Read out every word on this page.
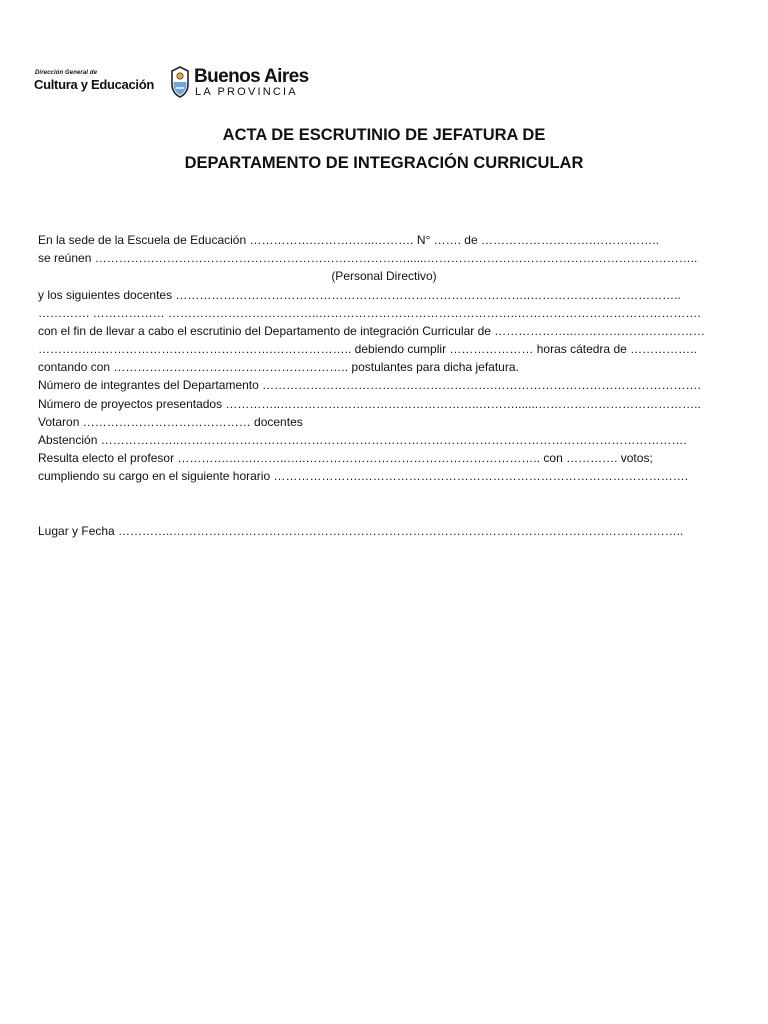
Dirección General de
Cultura y Educación Buenos Aires
LA PROVINCIA
ACTA DE ESCRUTINIO DE JEFATURA DE
DEPARTAMENTO DE INTEGRACIÓN CURRICULAR
En la sede de la Escuela de Educación …………….……….…...………. N° ……. de ……………………….……………..
se reúnen ……………………………………………………………………......…………………………………………………………..
(Personal Directivo)
y los siguientes docentes ……………………………………………………………………………..………………………………..
…………. ……………… ………………………………..…………………………………………..……………………………………….
con el fin de llevar a cabo el escrutinio del Departamento de integración Curricular de ………………..……………………………
………….……………………………………….……………….. debiendo cumplir ………………… horas cátedra de ……………..
contando con ………………………………………………….. postulantes para dicha jefatura.
Número de integrantes del Departamento ………………………………………………….…………………………………………….
Número de proyectos presentados …………..…………………………………………..……….......…………………………………..
Votaron …………………………………… docentes
Abstención ………………..……………………………………………………………………………………………………………….
Resulta electo el profesor ………….…….……..…..………………………………………………….. con …………. votos;
cumpliendo su cargo en el siguiente horario ………………….……………………………………………………………………….
Lugar y Fecha …………..………………………………………………………………………………………………………………..
